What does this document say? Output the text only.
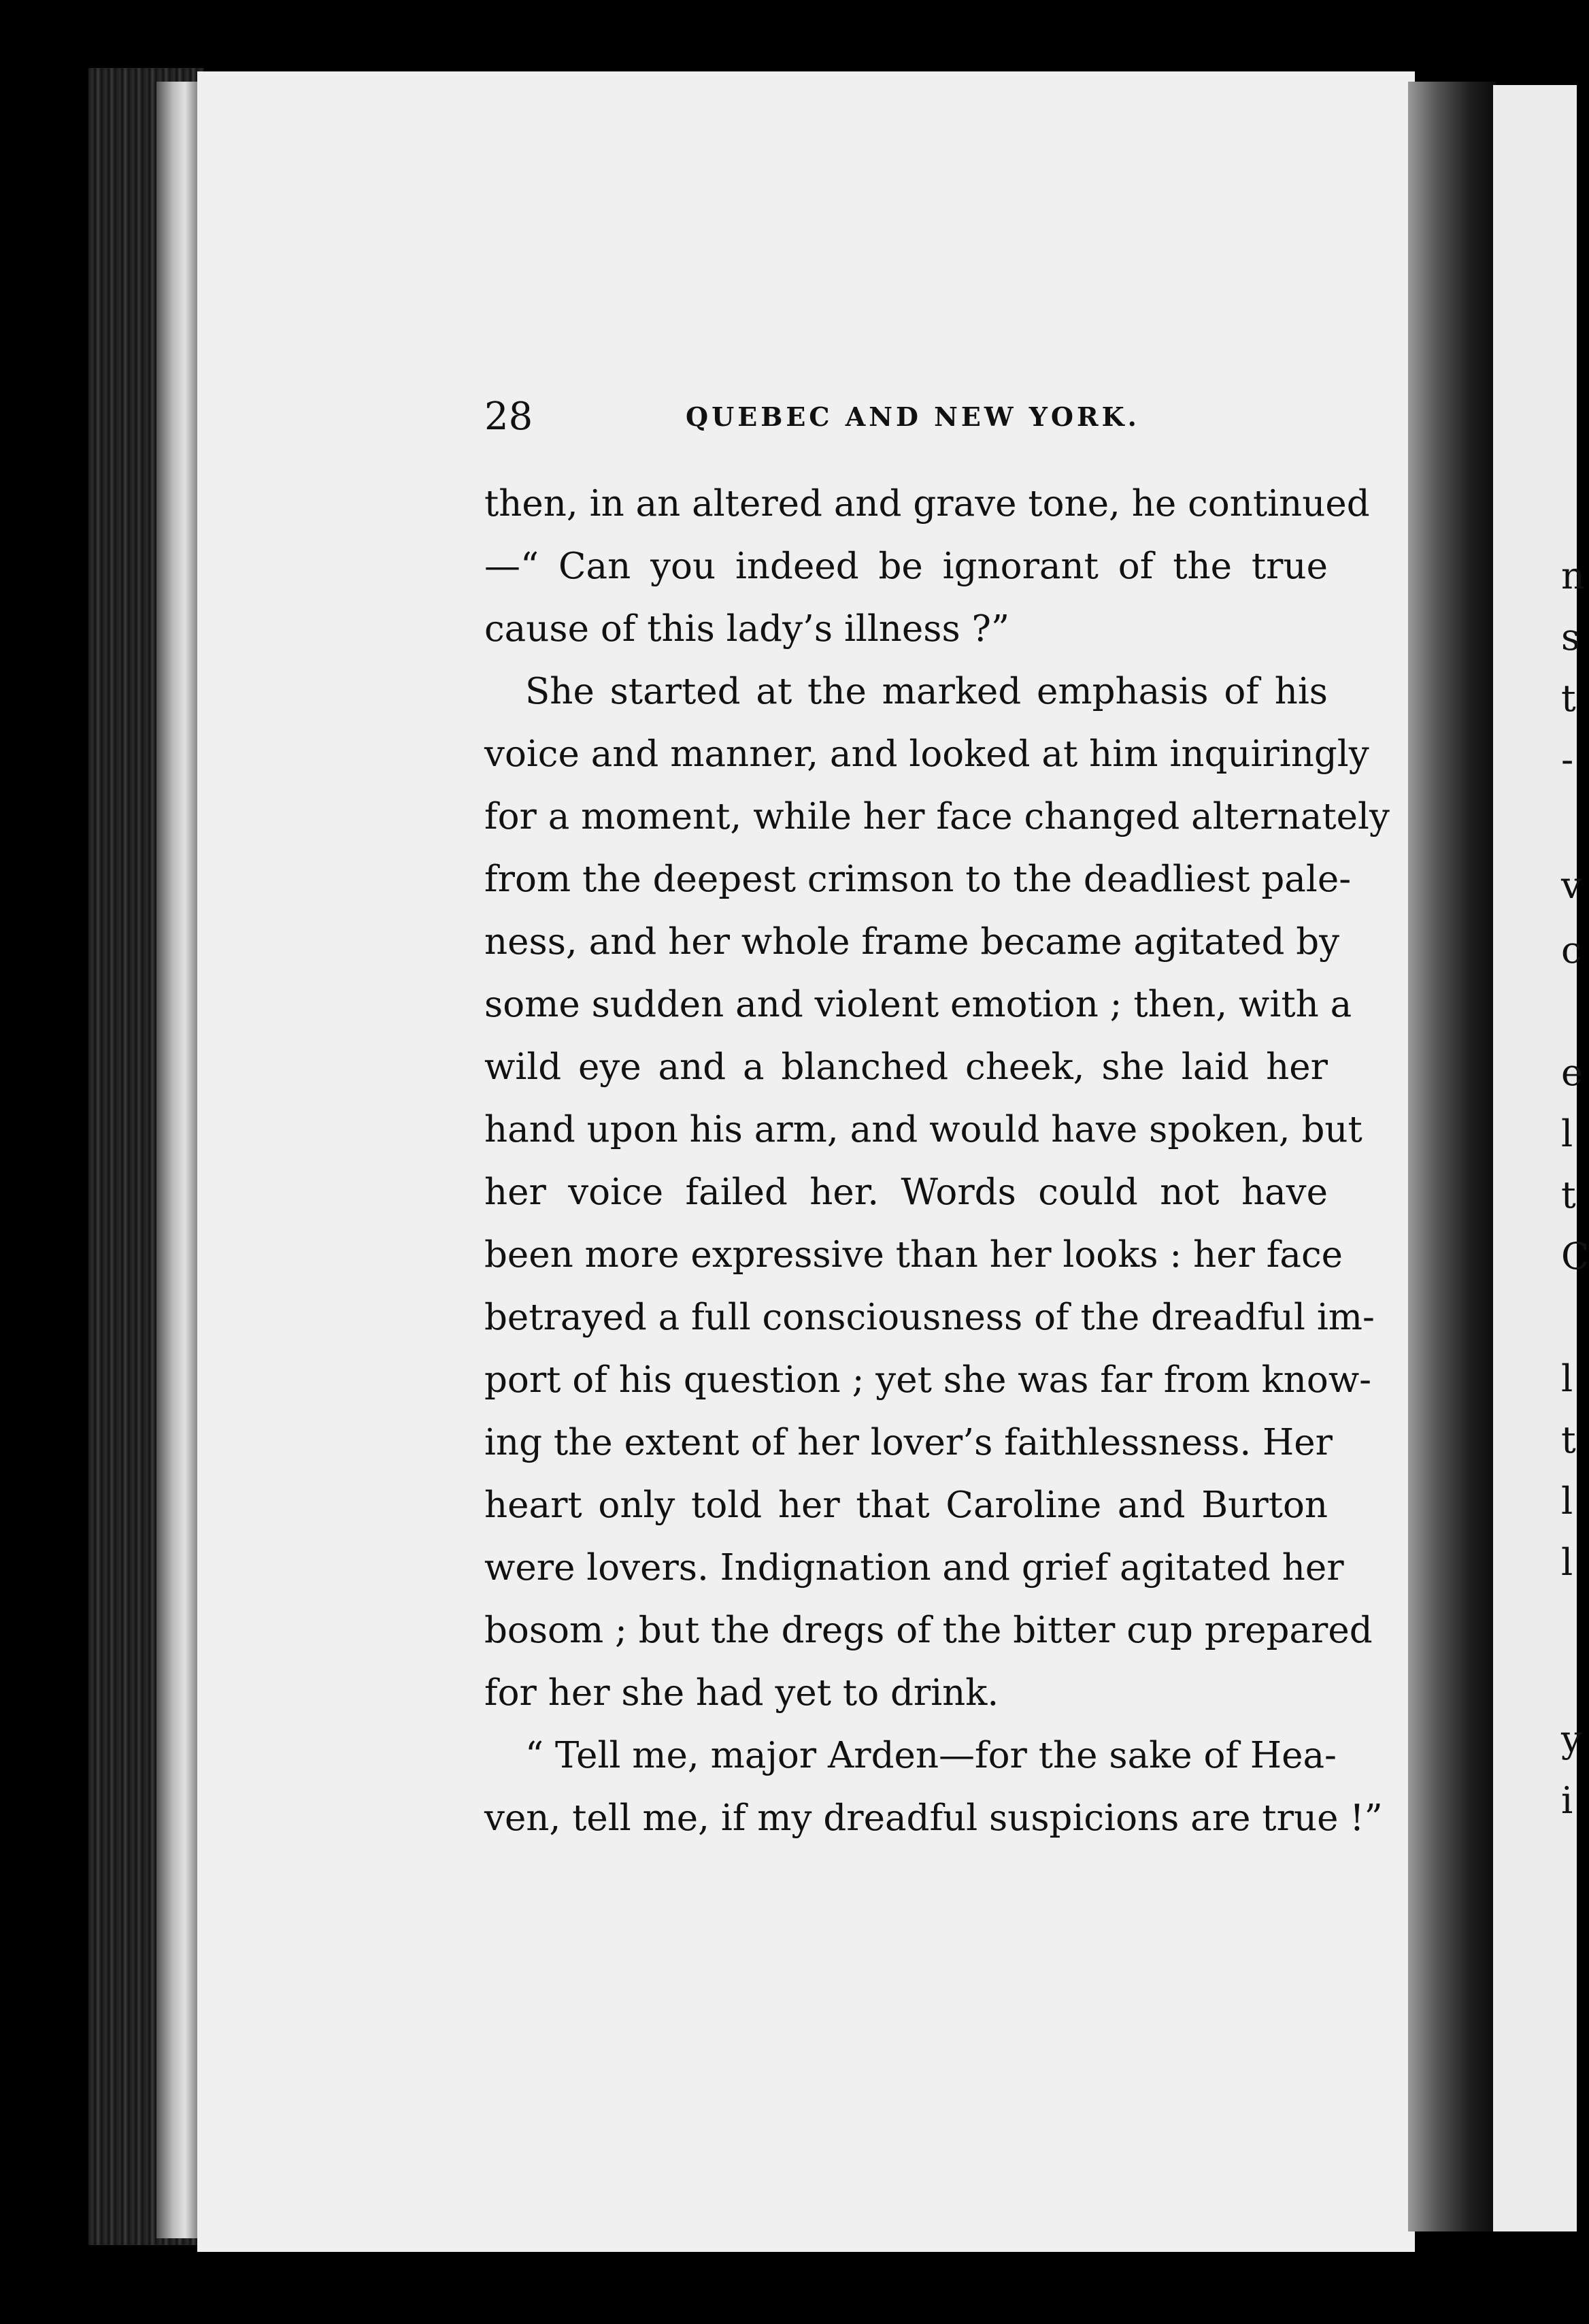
n
s
t
-
v
c
e
l
t
C
l
t
l
l
y
i
28	QUEBEC AND NEW YORK.

then, in an altered and grave tone, he continued
—“ Can you indeed be ignorant of the true
cause of this lady’s illness ?”

She started at the marked emphasis of his
voice and manner, and looked at him inquiringly
for a moment, while her face changed alternately
from the deepest crimson to the deadliest pale-
ness, and her whole frame became agitated by
some sudden and violent emotion ; then, with a
wild eye and a blanched cheek, she laid her
hand upon his arm, and would have spoken, but
her voice failed her. Words could not have
been more expressive than her looks : her face
betrayed a full consciousness of the dreadful im-
port of his question ; yet she was far from know-
ing the extent of her lover’s faithlessness. Her
heart only told her that Caroline and Burton
were lovers. Indignation and grief agitated her
bosom ; but the dregs of the bitter cup prepared
for her she had yet to drink.

“ Tell me, major Arden—for the sake of Hea-
ven, tell me, if my dreadful suspicions are true !”
